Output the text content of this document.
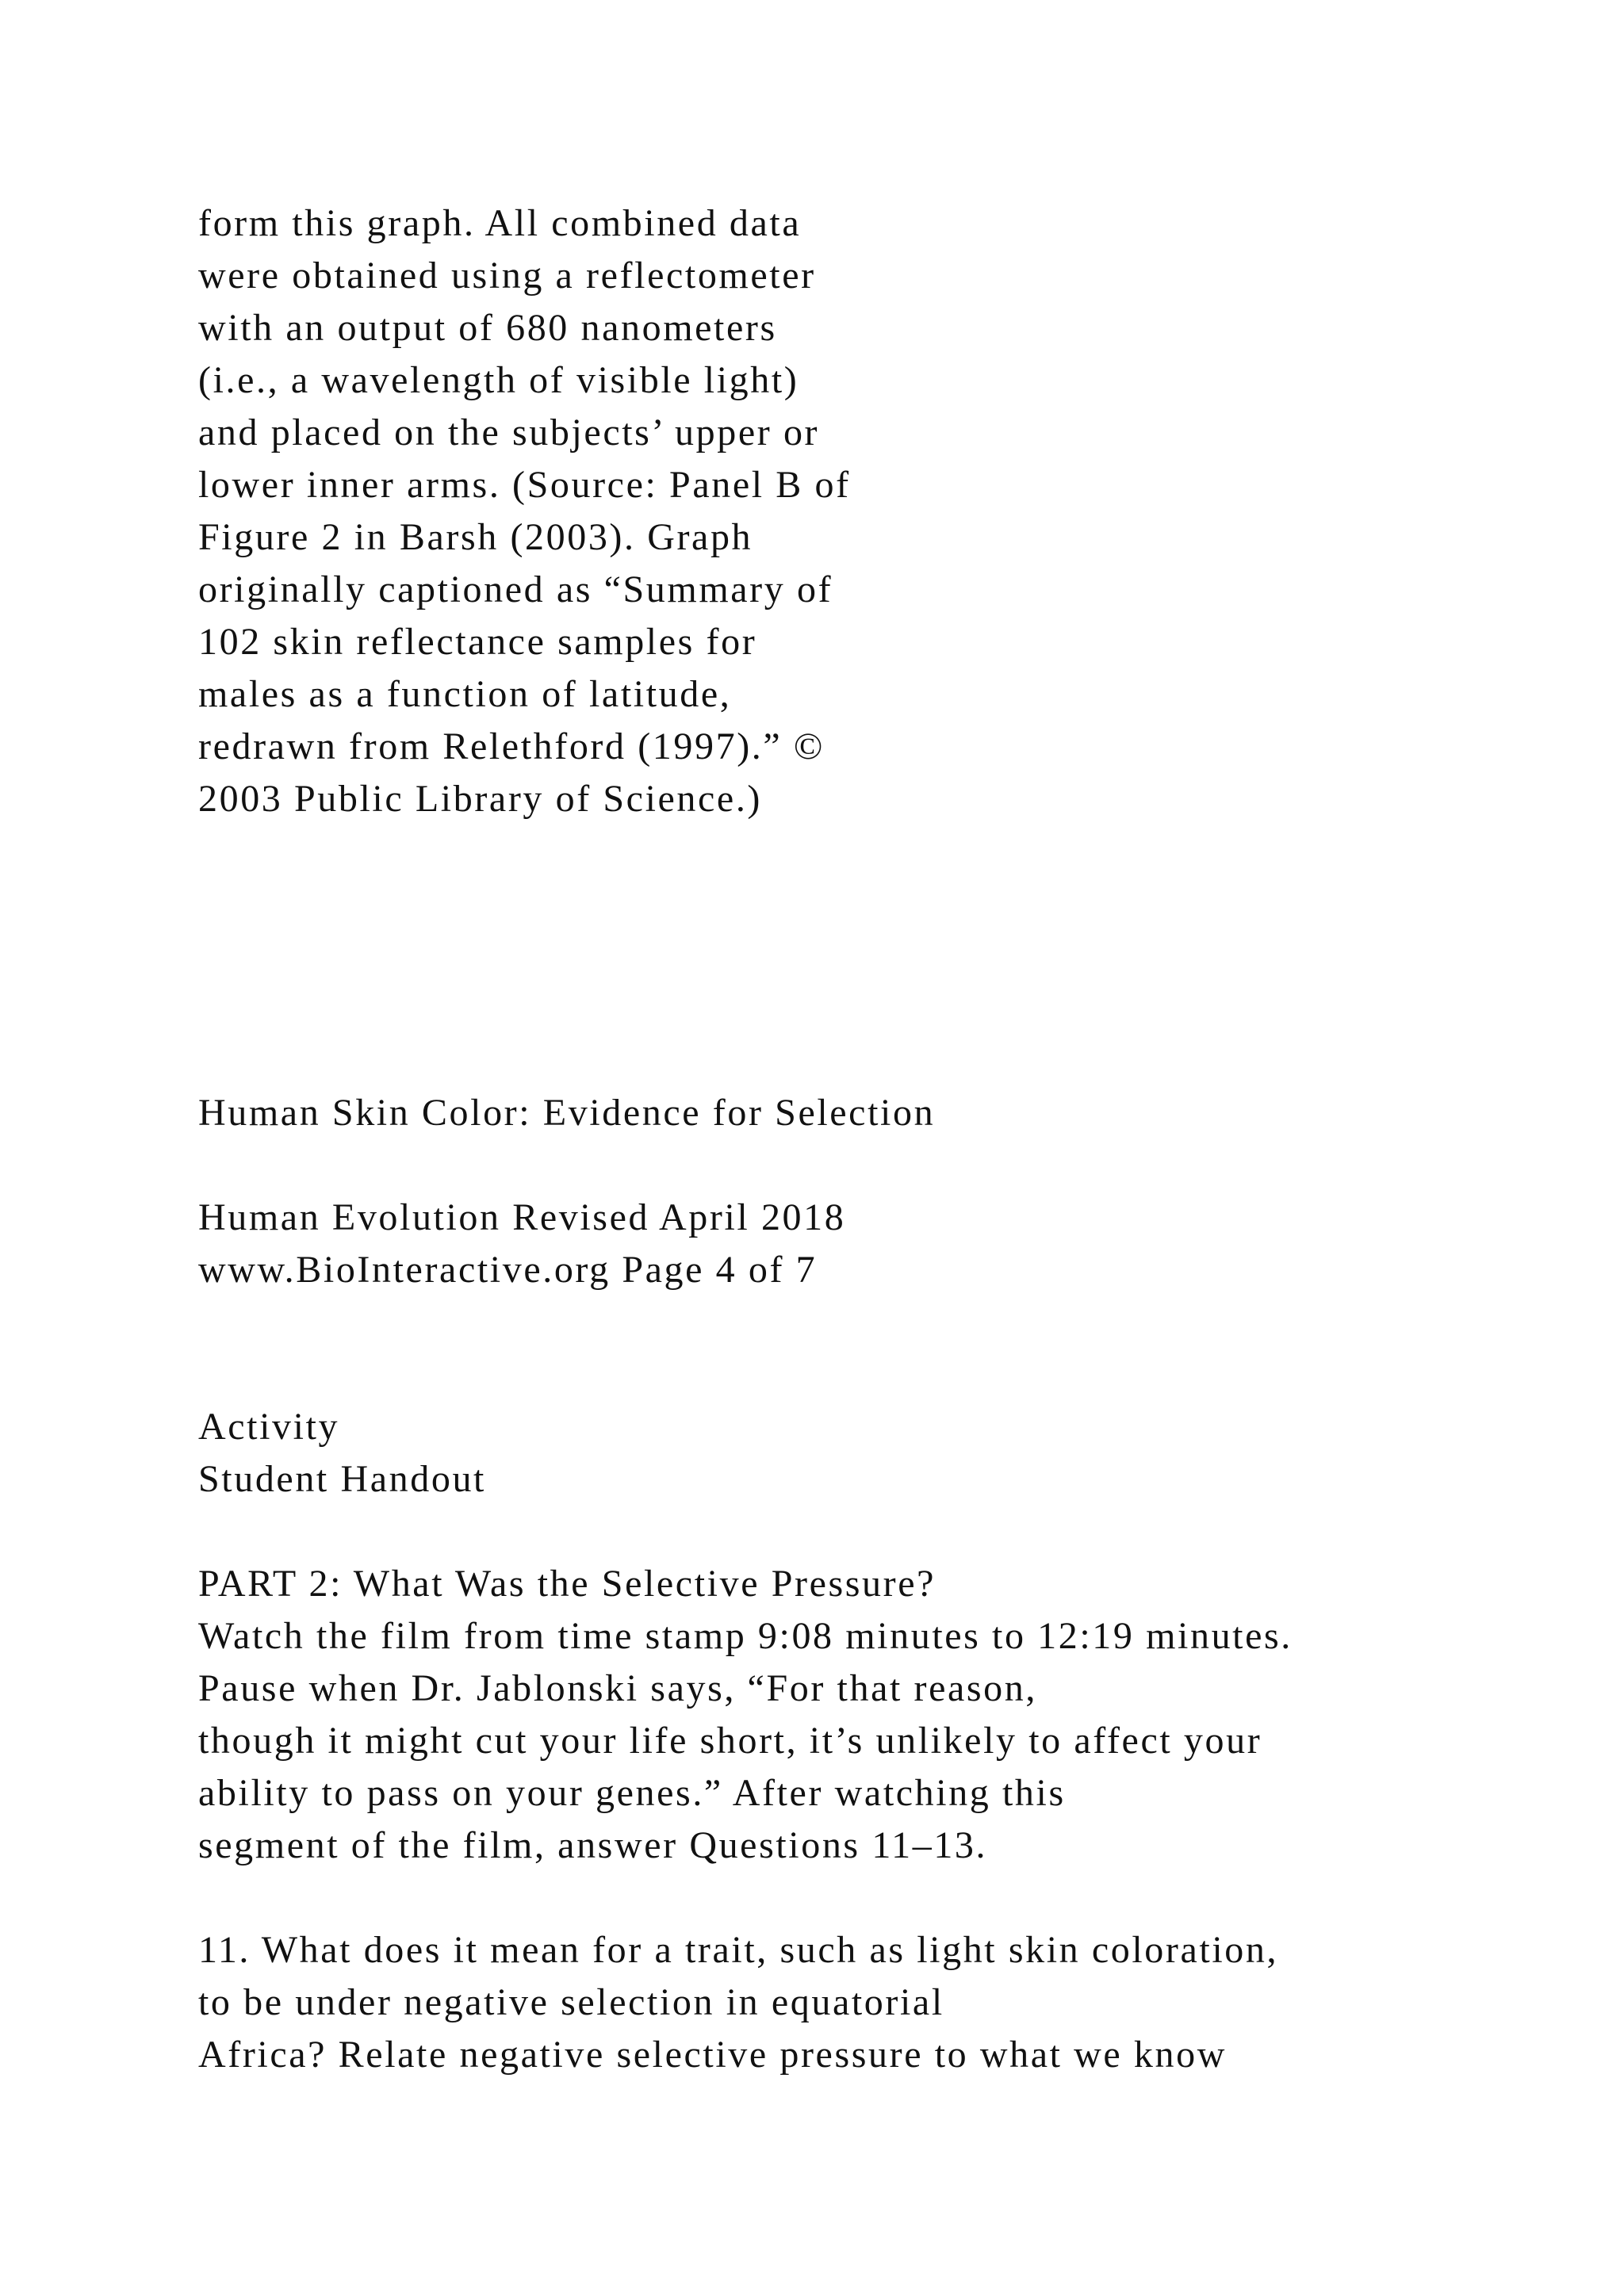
form this graph. All combined data

were obtained using a reflectometer

with an output of 680 nanometers

(i.e., a wavelength of visible light)

and placed on the subjects’ upper or

lower inner arms. (Source: Panel B of

Figure 2 in Barsh (2003). Graph

originally captioned as “Summary of

102 skin reflectance samples for

males as a function of latitude,

redrawn from Relethford (1997).” ©

2003 Public Library of Science.)

Human Skin Color: Evidence for Selection

Human Evolution Revised April 2018

www.BioInteractive.org Page 4 of 7

Activity

Student Handout

PART 2: What Was the Selective Pressure?

Watch the film from time stamp 9:08 minutes to 12:19 minutes.

Pause when Dr. Jablonski says, “For that reason,

though it might cut your life short, it’s unlikely to affect your

ability to pass on your genes.” After watching this

segment of the film, answer Questions 11–13.

11. What does it mean for a trait, such as light skin coloration,

to be under negative selection in equatorial

Africa? Relate negative selective pressure to what we know
